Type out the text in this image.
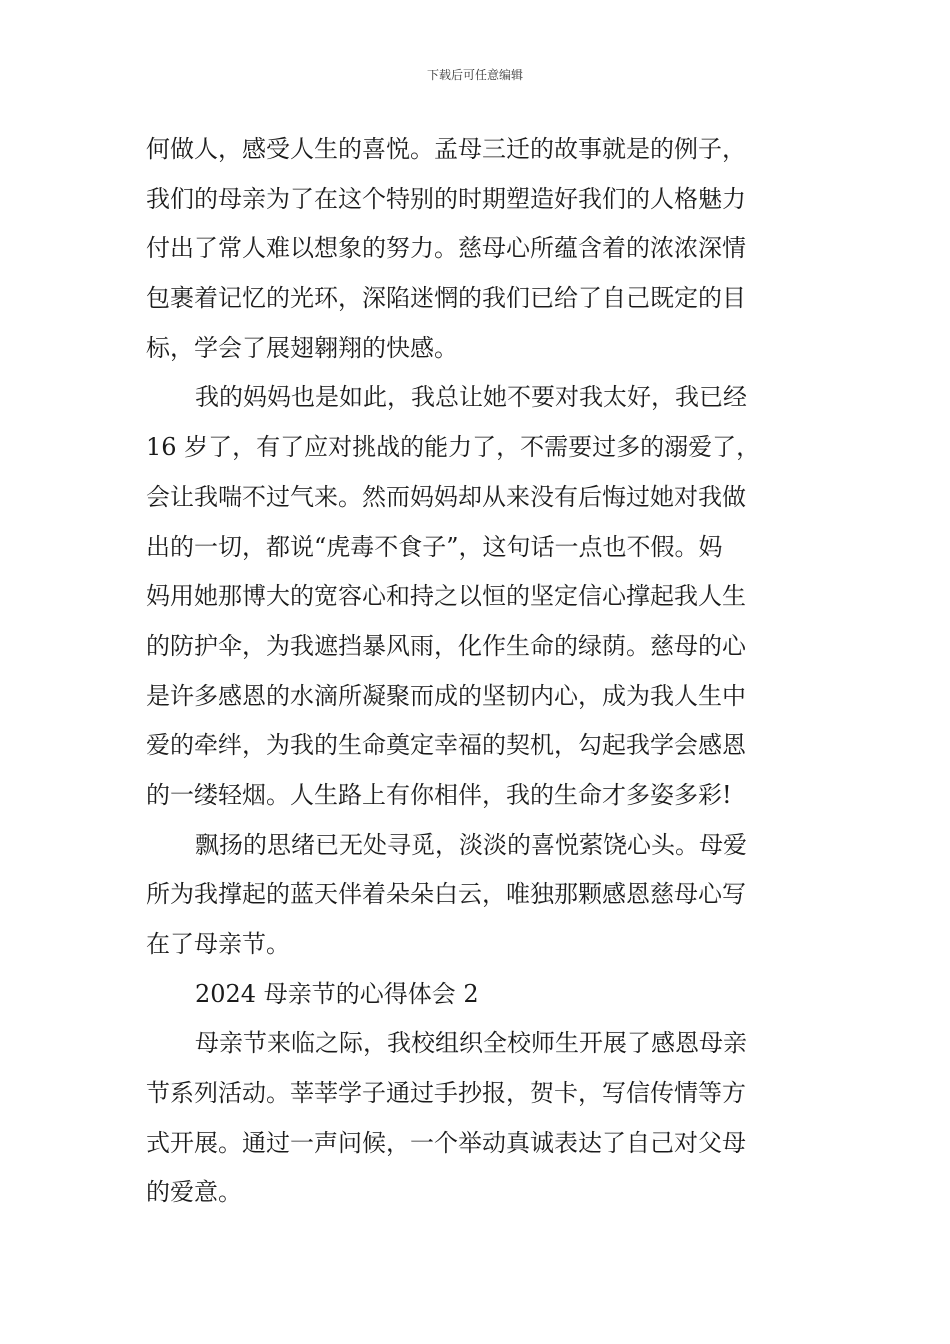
下载后可任意编辑
何做人，感受人生的喜悦。孟母三迁的故事就是的例子，
我们的母亲为了在这个特别的时期塑造好我们的人格魅力
付出了常人难以想象的努力。慈母心所蕴含着的浓浓深情
包裹着记忆的光环，深陷迷惘的我们已给了自己既定的目
标，学会了展翅翱翔的快感。
我的妈妈也是如此，我总让她不要对我太好，我已经
16 岁了，有了应对挑战的能力了，不需要过多的溺爱了，
会让我喘不过气来。然而妈妈却从来没有后悔过她对我做
出的一切，都说“虎毒不食子”，这句话一点也不假。妈
妈用她那博大的宽容心和持之以恒的坚定信心撑起我人生
的防护伞，为我遮挡暴风雨，化作生命的绿荫。慈母的心
是许多感恩的水滴所凝聚而成的坚韧内心，成为我人生中
爱的牵绊，为我的生命奠定幸福的契机，勾起我学会感恩
的一缕轻烟。人生路上有你相伴，我的生命才多姿多彩!
飘扬的思绪已无处寻觅，淡淡的喜悦萦饶心头。母爱
所为我撑起的蓝天伴着朵朵白云，唯独那颗感恩慈母心写
在了母亲节。
2024 母亲节的心得体会 2
母亲节来临之际，我校组织全校师生开展了感恩母亲
节系列活动。莘莘学子通过手抄报，贺卡，写信传情等方
式开展。通过一声问候，一个举动真诚表达了自己对父母
的爱意。
